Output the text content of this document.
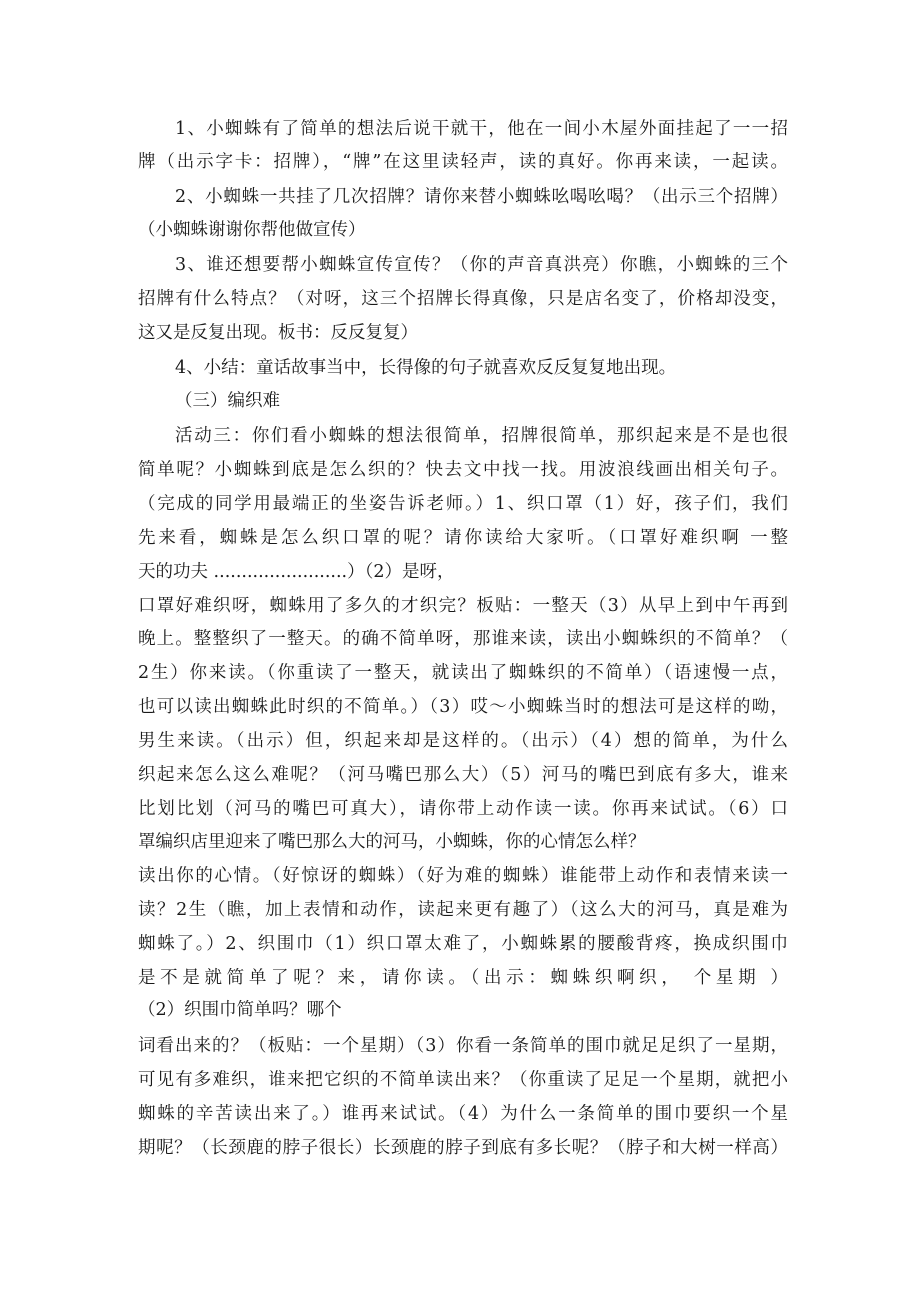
1、小蜘蛛有了简单的想法后说干就干，他在一间小木屋外面挂起了一一招
牌（出示字卡：招牌），“牌”在这里读轻声，读的真好。你再来读，一起读。
2、小蜘蛛一共挂了几次招牌？请你来替小蜘蛛吆喝吆喝？（出示三个招牌）
（小蜘蛛谢谢你帮他做宣传）
3、谁还想要帮小蜘蛛宣传宣传？（你的声音真洪亮）你瞧，小蜘蛛的三个
招牌有什么特点？（对呀，这三个招牌长得真像，只是店名变了，价格却没变，
这又是反复出现。板书：反反复复）
4、小结：童话故事当中，长得像的句子就喜欢反反复复地出现。
（三）编织难
活动三：你们看小蜘蛛的想法很简单，招牌很简单，那织起来是不是也很
简单呢？小蜘蛛到底是怎么织的？快去文中找一找。用波浪线画出相关句子。
（完成的同学用最端正的坐姿告诉老师。）1、织口罩（1）好，孩子们，我们
先来看，蜘蛛是怎么织口罩的呢？请你读给大家听。（口罩好难织啊 一整
天的功夫 ........................）（2）是呀，
口罩好难织呀，蜘蛛用了多久的才织完？板贴：一整天（3）从早上到中午再到
晚上。整整织了一整天。的确不简单呀，那谁来读，读出小蜘蛛织的不简单？（
2生）你来读。（你重读了一整天，就读出了蜘蛛织的不简单）（语速慢一点，
也可以读出蜘蛛此时织的不简单。）（3）哎～小蜘蛛当时的想法可是这样的呦，
男生来读。（出示）但，织起来却是这样的。（出示）（4）想的简单，为什么
织起来怎么这么难呢？（河马嘴巴那么大）（5）河马的嘴巴到底有多大，谁来
比划比划（河马的嘴巴可真大），请你带上动作读一读。你再来试试。（6）口
罩编织店里迎来了嘴巴那么大的河马，小蜘蛛，你的心情怎么样？
读出你的心情。（好惊讶的蜘蛛）（好为难的蜘蛛）谁能带上动作和表情来读一
读？2生（瞧，加上表情和动作，读起来更有趣了）（这么大的河马，真是难为
蜘蛛了。）2、织围巾（1）织口罩太难了，小蜘蛛累的腰酸背疼，换成织围巾
是不是就简单了呢？来，请你读。（出示：蜘蛛织啊织， 个星期 ）
（2）织围巾简单吗？哪个
词看出来的？（板贴：一个星期）（3）你看一条简单的围巾就足足织了一星期，
可见有多难织，谁来把它织的不简单读出来？（你重读了足足一个星期，就把小
蜘蛛的辛苦读出来了。）谁再来试试。（4）为什么一条简单的围巾要织一个星
期呢？（长颈鹿的脖子很长）长颈鹿的脖子到底有多长呢？（脖子和大树一样高）
